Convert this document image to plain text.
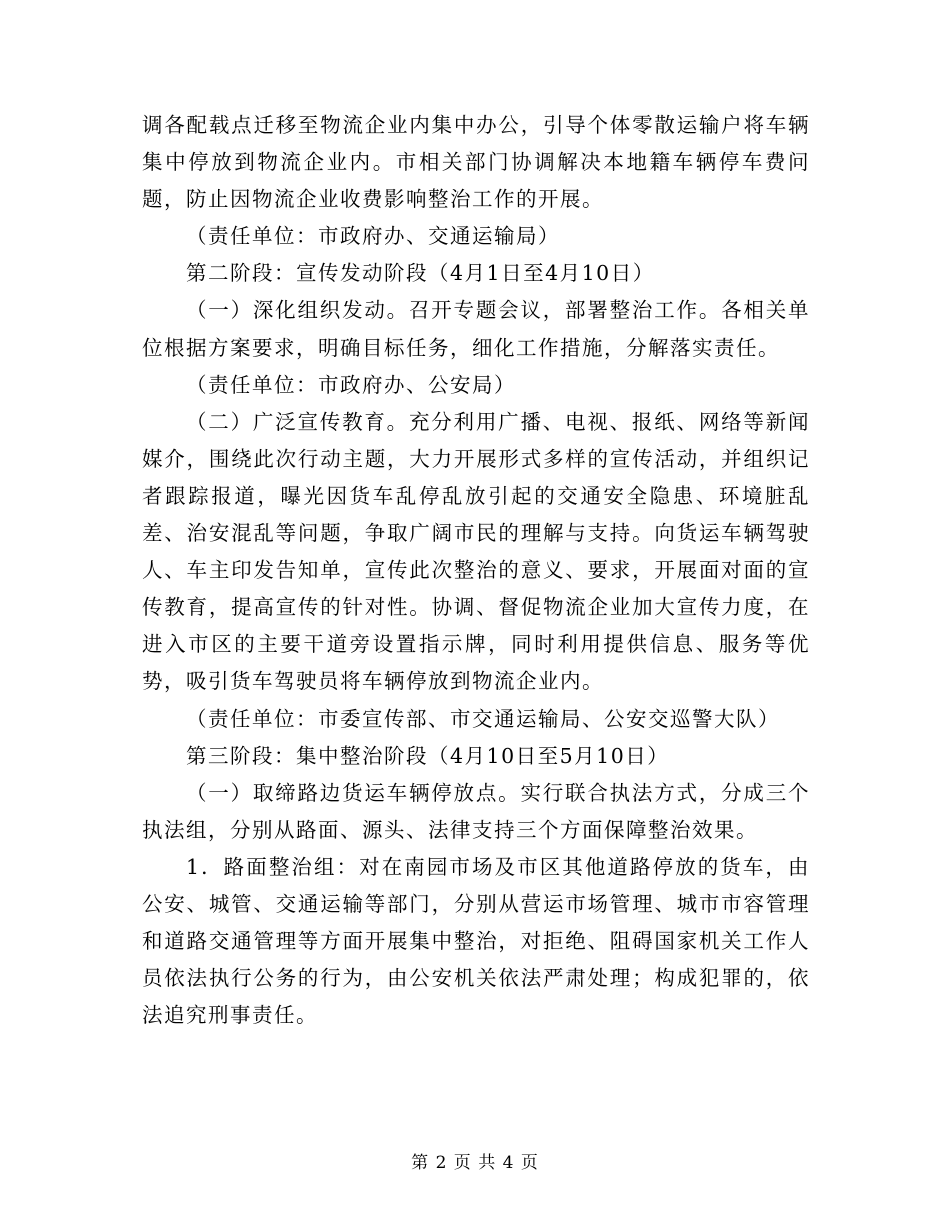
调各配载点迁移至物流企业内集中办公，引导个体零散运输户将车辆集中停放到物流企业内。市相关部门协调解决本地籍车辆停车费问题，防止因物流企业收费影响整治工作的开展。

（责任单位：市政府办、交通运输局）

第二阶段：宣传发动阶段（4月1日至4月10日）

（一）深化组织发动。召开专题会议，部署整治工作。各相关单位根据方案要求，明确目标任务，细化工作措施，分解落实责任。

（责任单位：市政府办、公安局）

（二）广泛宣传教育。充分利用广播、电视、报纸、网络等新闻媒介，围绕此次行动主题，大力开展形式多样的宣传活动，并组织记者跟踪报道，曝光因货车乱停乱放引起的交通安全隐患、环境脏乱差、治安混乱等问题，争取广阔市民的理解与支持。向货运车辆驾驶人、车主印发告知单，宣传此次整治的意义、要求，开展面对面的宣传教育，提高宣传的针对性。协调、督促物流企业加大宣传力度，在进入市区的主要干道旁设置指示牌，同时利用提供信息、服务等优势，吸引货车驾驶员将车辆停放到物流企业内。

（责任单位：市委宣传部、市交通运输局、公安交巡警大队）

第三阶段：集中整治阶段（4月10日至5月10日）

（一）取缔路边货运车辆停放点。实行联合执法方式，分成三个执法组，分别从路面、源头、法律支持三个方面保障整治效果。

1．路面整治组：对在南园市场及市区其他道路停放的货车，由公安、城管、交通运输等部门，分别从营运市场管理、城市市容管理和道路交通管理等方面开展集中整治，对拒绝、阻碍国家机关工作人员依法执行公务的行为，由公安机关依法严肃处理；构成犯罪的，依法追究刑事责任。

第 2 页 共 4 页
